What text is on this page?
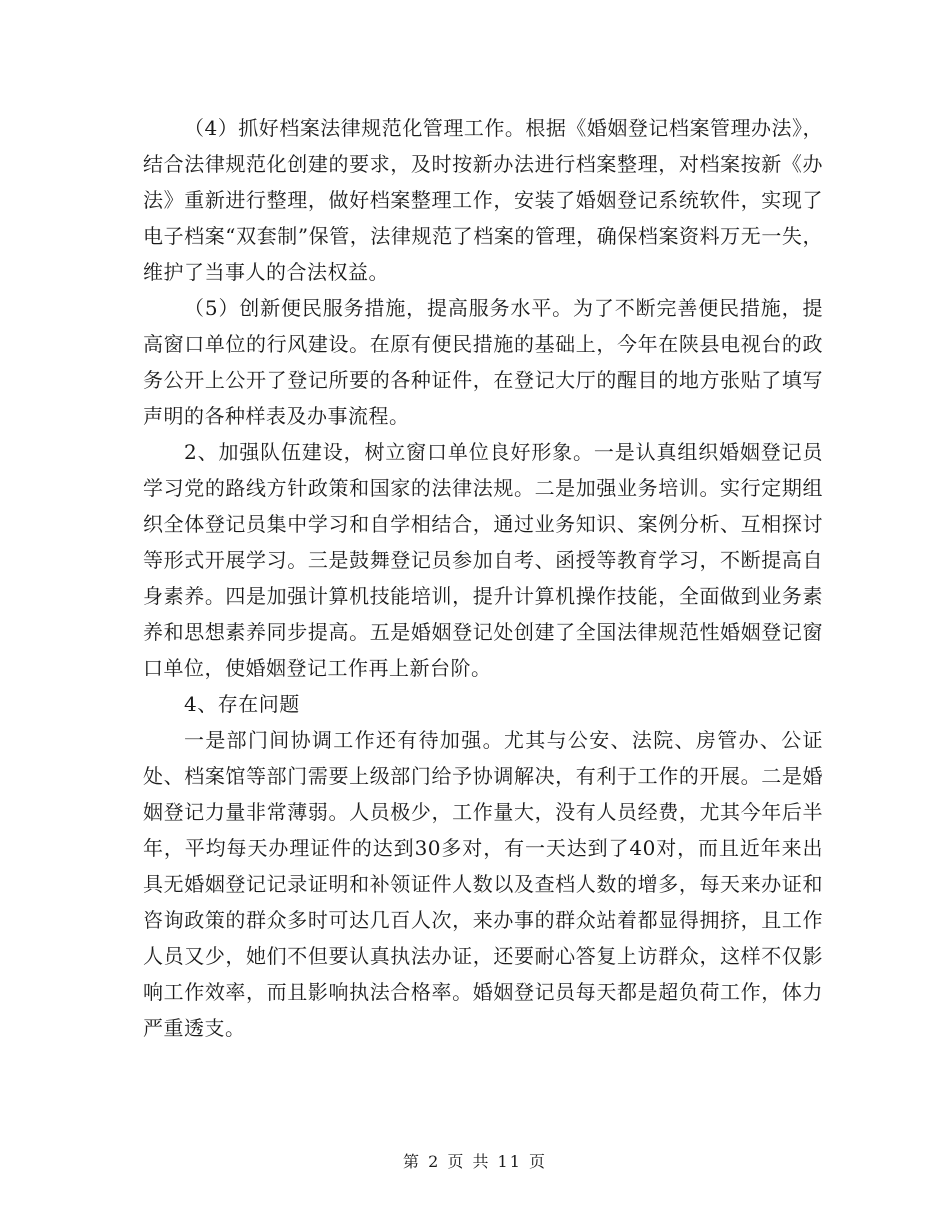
（4）抓好档案法律规范化管理工作。根据《婚姻登记档案管理办法》，结合法律规范化创建的要求，及时按新办法进行档案整理，对档案按新《办法》重新进行整理，做好档案整理工作，安装了婚姻登记系统软件，实现了电子档案“双套制”保管，法律规范了档案的管理，确保档案资料万无一失，维护了当事人的合法权益。

（5）创新便民服务措施，提高服务水平。为了不断完善便民措施，提高窗口单位的行风建设。在原有便民措施的基础上，今年在陕县电视台的政务公开上公开了登记所要的各种证件，在登记大厅的醒目的地方张贴了填写声明的各种样表及办事流程。

2、加强队伍建设，树立窗口单位良好形象。一是认真组织婚姻登记员学习党的路线方针政策和国家的法律法规。二是加强业务培训。实行定期组织全体登记员集中学习和自学相结合，通过业务知识、案例分析、互相探讨等形式开展学习。三是鼓舞登记员参加自考、函授等教育学习，不断提高自身素养。四是加强计算机技能培训，提升计算机操作技能，全面做到业务素养和思想素养同步提高。五是婚姻登记处创建了全国法律规范性婚姻登记窗口单位，使婚姻登记工作再上新台阶。

4、存在问题

一是部门间协调工作还有待加强。尤其与公安、法院、房管办、公证处、档案馆等部门需要上级部门给予协调解决，有利于工作的开展。二是婚姻登记力量非常薄弱。人员极少，工作量大，没有人员经费，尤其今年后半年，平均每天办理证件的达到30多对，有一天达到了40对，而且近年来出具无婚姻登记记录证明和补领证件人数以及查档人数的增多，每天来办证和咨询政策的群众多时可达几百人次，来办事的群众站着都显得拥挤，且工作人员又少，她们不但要认真执法办证，还要耐心答复上访群众，这样不仅影响工作效率，而且影响执法合格率。婚姻登记员每天都是超负荷工作，体力严重透支。

第 2 页 共 11 页
